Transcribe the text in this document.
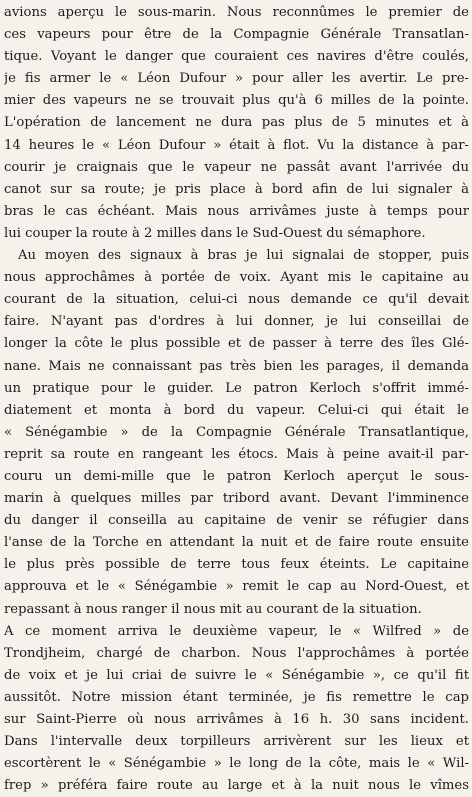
avions aperçu le sous-marin. Nous reconnûmes le premier de
ces vapeurs pour être de la Compagnie Générale Transatlan-
tique. Voyant le danger que couraient ces navires d'être coulés,
je fis armer le « Léon Dufour » pour aller les avertir. Le pre-
mier des vapeurs ne se trouvait plus qu'à 6 milles de la pointe.
L'opération de lancement ne dura pas plus de 5 minutes et à
14 heures le « Léon Dufour » était à flot. Vu la distance à par-
courir je craignais que le vapeur ne passât avant l'arrivée du
canot sur sa route; je pris place à bord afin de lui signaler à
bras le cas échéant. Mais nous arrivâmes juste à temps pour
lui couper la route à 2 milles dans le Sud-Ouest du sémaphore.
Au moyen des signaux à bras je lui signalai de stopper, puis
nous approchâmes à portée de voix. Ayant mis le capitaine au
courant de la situation, celui-ci nous demande ce qu'il devait
faire. N'ayant pas d'ordres à lui donner, je lui conseillai de
longer la côte le plus possible et de passer à terre des îles Glé-
nane. Mais ne connaissant pas très bien les parages, il demanda
un pratique pour le guider. Le patron Kerloch s'offrit immé-
diatement et monta à bord du vapeur. Celui-ci qui était le
« Sénégambie » de la Compagnie Générale Transatlantique,
reprit sa route en rangeant les étocs. Mais à peine avait-il par-
couru un demi-mille que le patron Kerloch aperçut le sous-
marin à quelques milles par tribord avant. Devant l'imminence
du danger il conseilla au capitaine de venir se réfugier dans
l'anse de la Torche en attendant la nuit et de faire route ensuite
le plus près possible de terre tous feux éteints. Le capitaine
approuva et le « Sénégambie » remit le cap au Nord-Ouest, et
repassant à nous ranger il nous mit au courant de la situation.
A ce moment arriva le deuxième vapeur, le « Wilfred » de
Trondjheim, chargé de charbon. Nous l'approchâmes à portée
de voix et je lui criai de suivre le « Sénégambie », ce qu'il fit
aussitôt. Notre mission étant terminée, je fis remettre le cap
sur Saint-Pierre où nous arrivâmes à 16 h. 30 sans incident.
Dans l'intervalle deux torpilleurs arrivèrent sur les lieux et
escortèrent le « Sénégambie » le long de la côte, mais le « Wil-
frep » préféra faire route au large et à la nuit nous le vîmes
